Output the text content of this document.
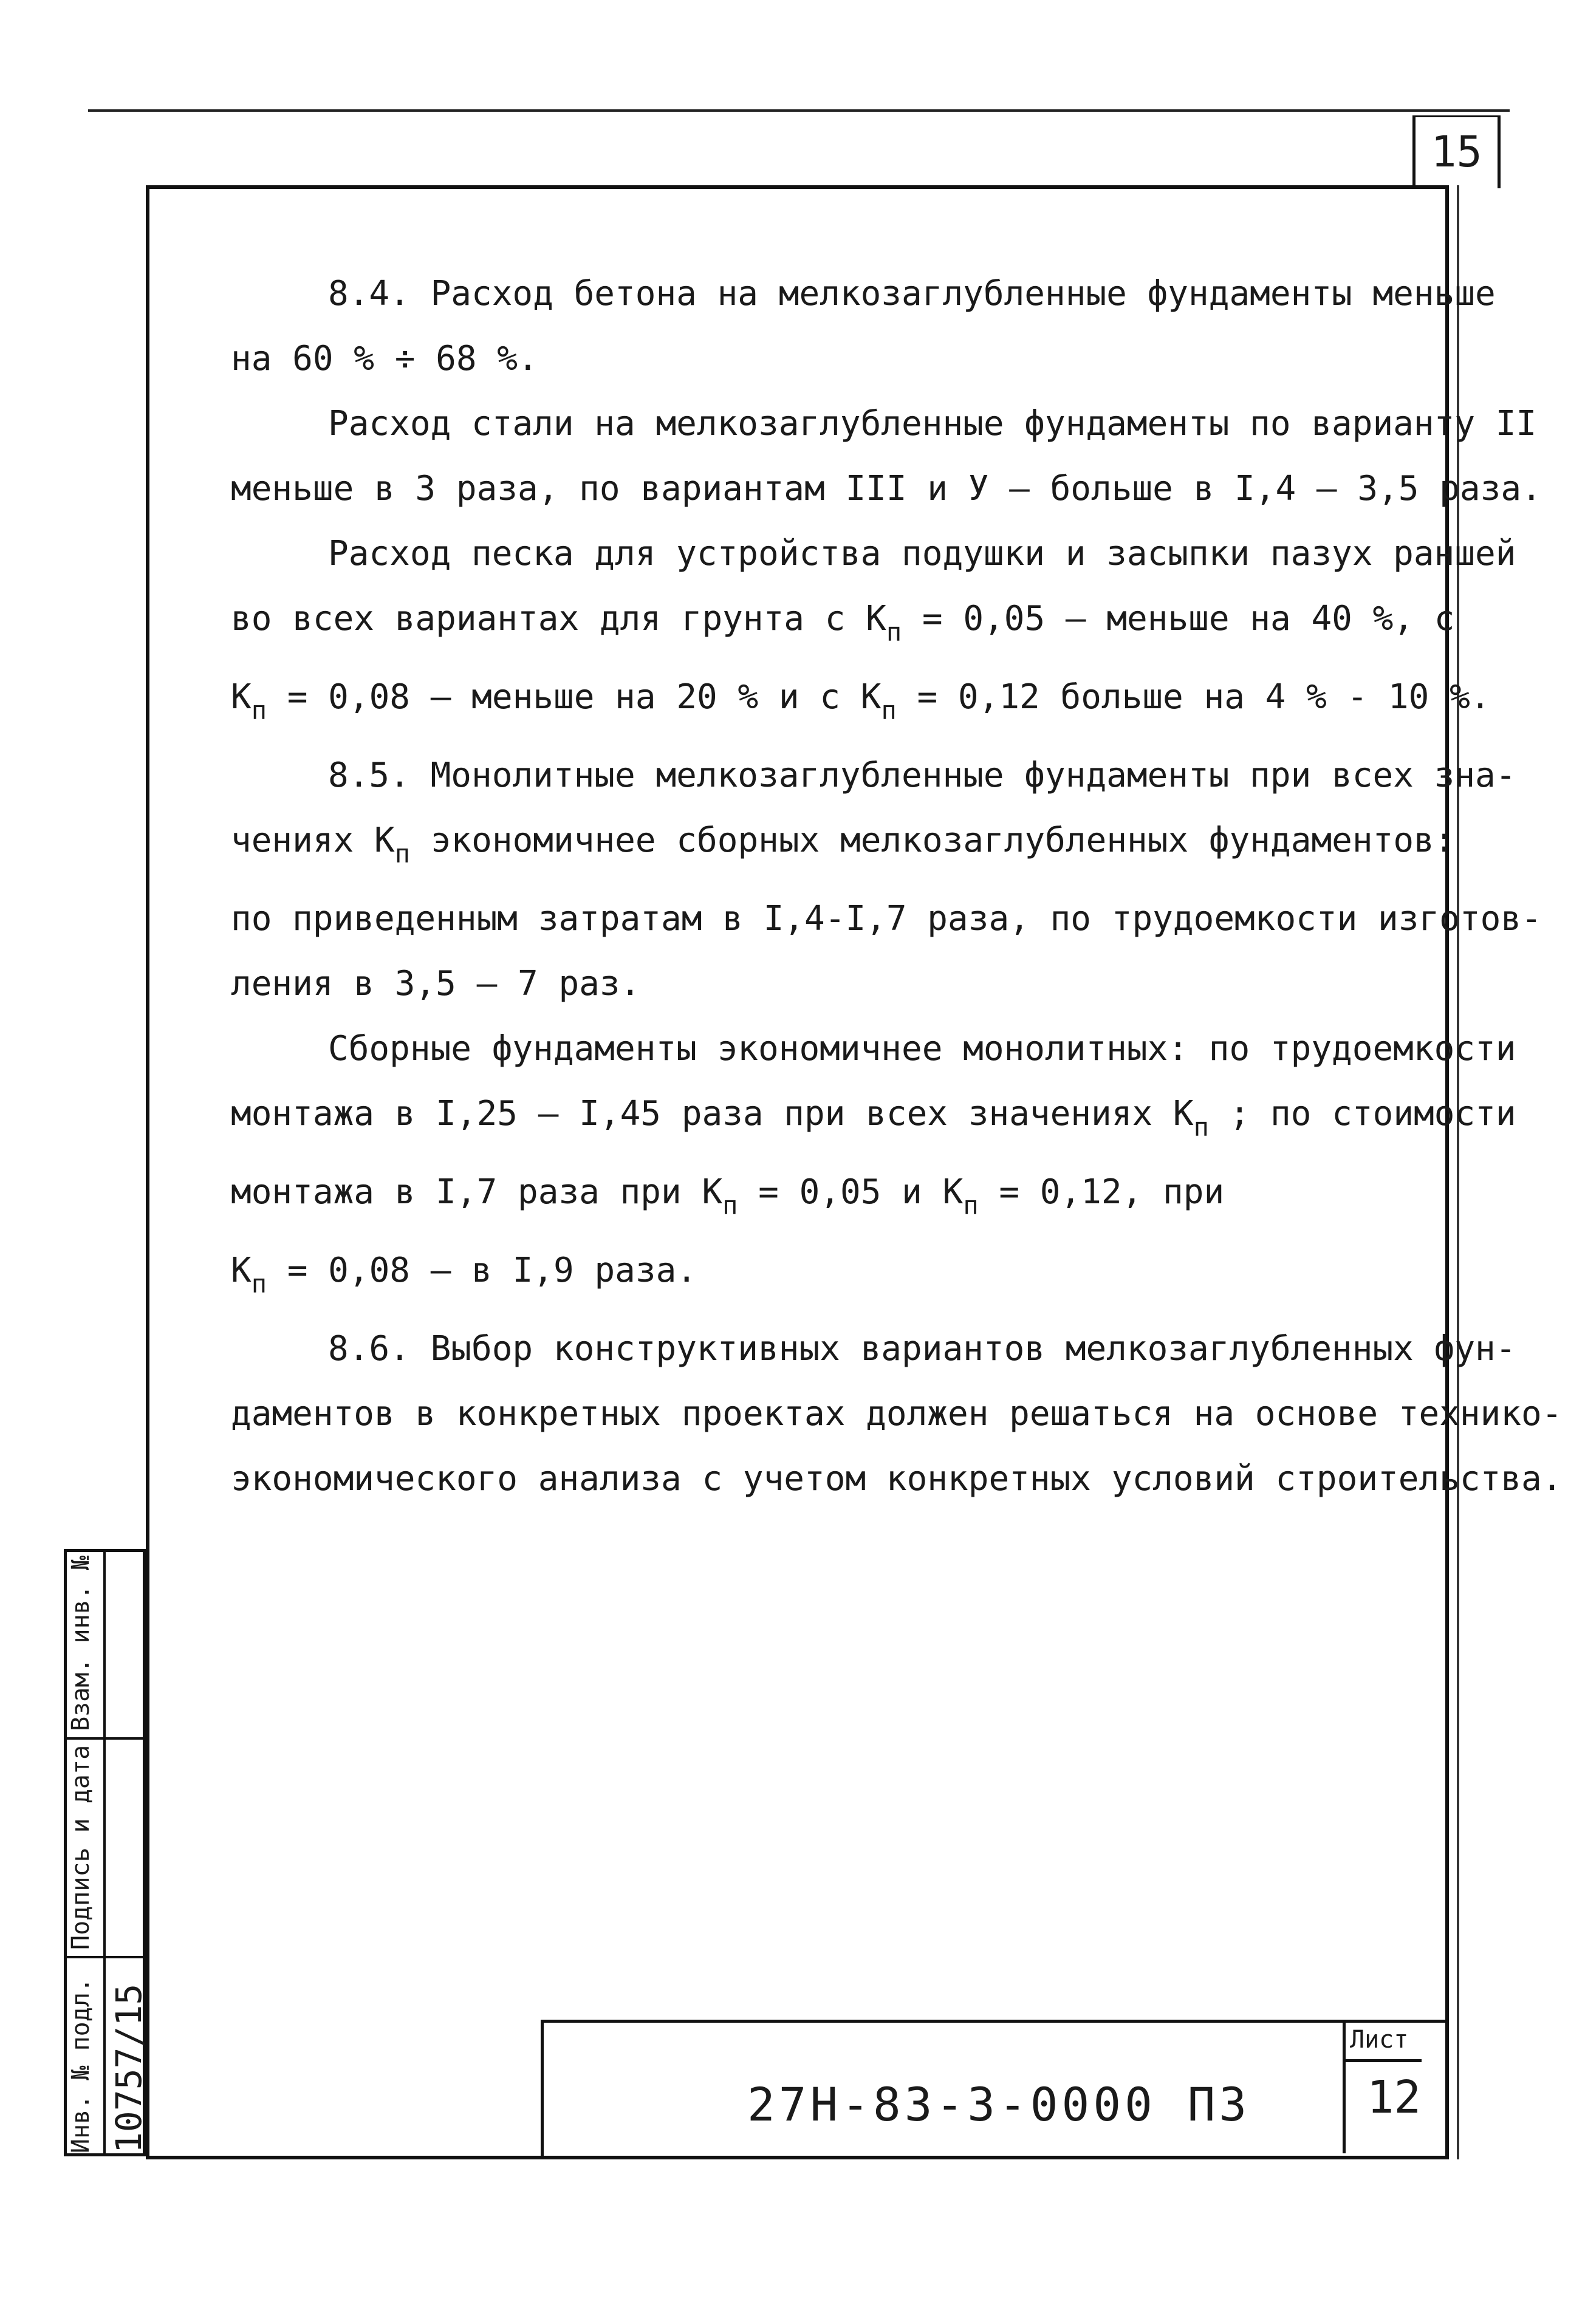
15

8.4. Расход бетона на мелкозаглубленные фундаменты меньше

на 60 % ÷ 68 %.

Расход стали на мелкозаглубленные фундаменты по варианту II

меньше в 3 раза, по вариантам III и У – больше в I,4 – 3,5 раза.

Расход песка для устройства подушки и засыпки пазух раншей

во всех вариантах для грунта с $К_п = 0,05$ – меньше на 40 %, с

$К_п = 0,08$ – меньше на 20 % и с $К_п = 0,12$ больше на 4 % - 10 %.

8.5. Монолитные мелкозаглубленные фундаменты при всех зна-

чениях $К_п$ экономичнее сборных мелкозаглубленных фундаментов:

по приведенным затратам в I,4-I,7 раза, по трудоемкости изготов-

ления в 3,5 – 7 раз.

Сборные фундаменты экономичнее монолитных: по трудоемкости

монтажа в I,25 – I,45 раза при всех значениях $К_п$ ; по стоимости

монтажа в I,7 раза при $К_п = 0,05$ и $К_п = 0,12$, при

$К_п = 0,08 - в$ I,9 раза.

8.6. Выбор конструктивных вариантов мелкозаглубленных фун-

даментов в конкретных проектах должен решаться на основе технико-

экономического анализа с учетом конкретных условий строительства.

27Н-83-3-0000 ПЗ
Лист
12
Взам. инв. №
Подпись и дата
Инв. № подл. 10757/15
